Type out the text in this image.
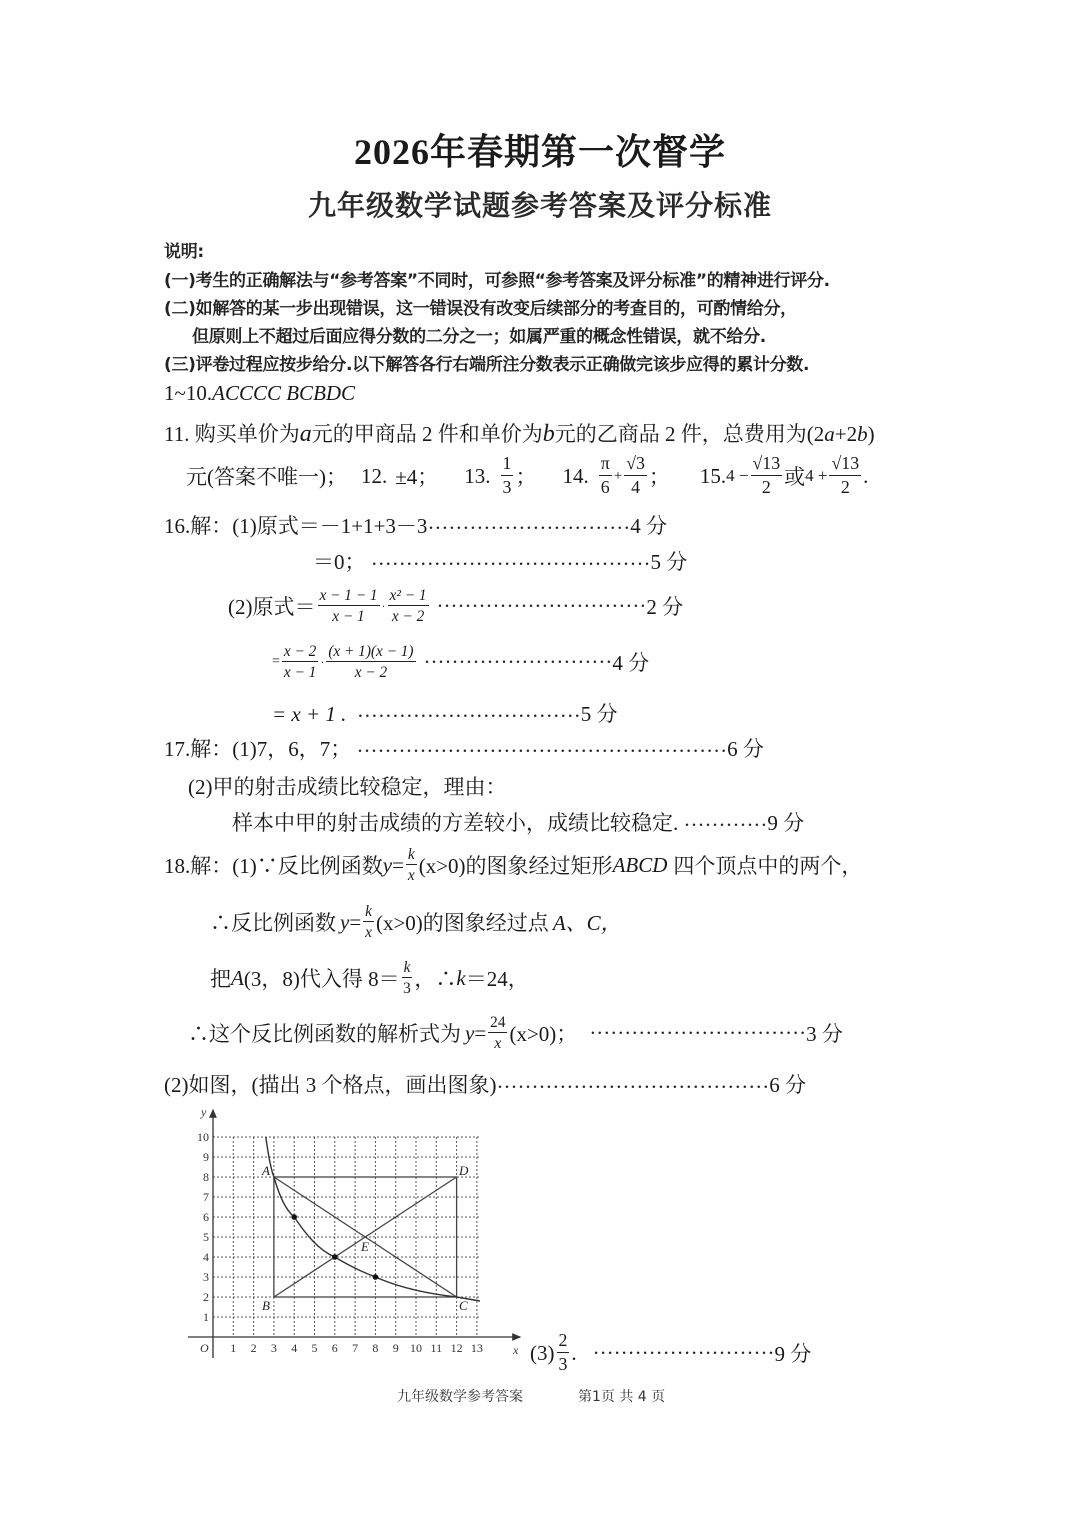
2026年春期第一次督学
九年级数学试题参考答案及评分标准
说明:
(一)考生的正确解法与“参考答案”不同时，可参照“参考答案及评分标准”的精神进行评分.
(二)如解答的某一步出现错误，这一错误没有改变后续部分的考查目的，可酌情给分，
但原则上不超过后面应得分数的二分之一；如属严重的概念性错误，就不给分.
(三)评卷过程应按步给分.以下解答各行右端所注分数表示正确做完该步应得的累计分数.
1~10.ACCCC BCBDC
11. 购买单价为a元的甲商品 2 件和单价为b元的乙商品 2 件，总费用为(2a+2b)
元(答案不唯一)； 12. ±4； 13. $\frac{1}{3}$ ； 14. $\frac{\pi}{6} + \frac{√3}{4}$ ； 15. $4 - \frac{√13}{2}$ 或 $4 + \frac{√13}{2}$ .
16.解：(1)原式＝－1+1+3－3·····························4 分
＝0； ········································5 分
(2)原式＝ $\frac{x - 1 - 1}{x - 1} \cdot \frac{\text{x² − 1}}{x - 2}$ ······························ 2 分
= $\frac{x - 2}{x - 1} \cdot \frac{(x + 1)(x - 1)}{x - 2}$ ··························· 4 分
= x + 1 . ································5 分
17.解：(1)7，6，7； ·····················································6 分
(2)甲的射击成绩比较稳定，理由：
样本中甲的射击成绩的方差较小，成绩比较稳定. ············9 分
18.解： (1)∵反比例函数 $y = \frac{k}{x} (x>0)$的图象经过矩形 ABCD 四个顶点中的两个，
∴反比例函数 $y = \frac{k}{x} (x>0)$的图象经过点 A、C，
把 A (3，8)代入得 $8= \frac{k}{3}$ ，∴ k ＝24，
∴这个反比例函数的解析式为 $y = \frac{24}{x} (x>0)$； ······························· 3 分
(2)如图，(描出 3 个格点，画出图象)·······································6 分
A
B	C
D
E
1 2 3 4 5 6 7 8 9 10 11 12 13
1
2
3
4
5
6
7
8
9
10
O	x
y
$(3) \frac{2}{3}$ . ·························· 9 分
九年级数学参考答案	第1页 共 4 页
